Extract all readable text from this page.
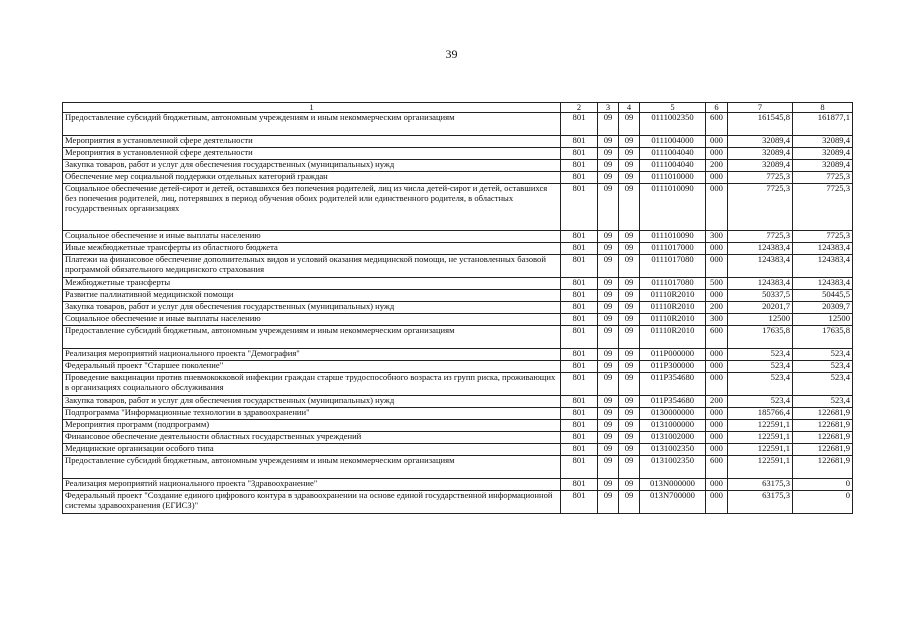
39
1	2	3	4	5	6	7	8
Предоставление субсидий бюджетным, автономным учреждениям и иным некоммерческим организациям	801	09	09	0111002350	600	161545,8	161877,1
Мероприятия в установленной сфере деятельности	801	09	09	0111004000	000	32089,4	32089,4
Мероприятия в установленной сфере деятельности	801	09	09	0111004040	000	32089,4	32089,4
Закупка товаров, работ и услуг для обеспечения государственных (муниципальных) нужд	801	09	09	0111004040	200	32089,4	32089,4
Обеспечение мер социальной поддержки отдельных категорий граждан	801	09	09	0111010000	000	7725,3	7725,3
Социальное обеспечение детей-сирот и детей, оставшихся без попечения родителей, лиц из числа детей-сирот и детей, оставшихся без попечения родителей, лиц, потерявших в период обучения обоих родителей или единственного родителя, в областных государственных организациях	801	09	09	0111010090	000	7725,3	7725,3
Социальное обеспечение и иные выплаты населению	801	09	09	0111010090	300	7725,3	7725,3
Иные межбюджетные трансферты из областного бюджета	801	09	09	0111017000	000	124383,4	124383,4
Платежи на финансовое обеспечение дополнительных видов и условий оказания медицинской помощи, не установленных базовой программой обязательного медицинского страхования	801	09	09	0111017080	000	124383,4	124383,4
Межбюджетные трансферты	801	09	09	0111017080	500	124383,4	124383,4
Развитие паллиативной медицинской помощи	801	09	09	01110R2010	000	50337,5	50445,5
Закупка товаров, работ и услуг для обеспечения государственных (муниципальных) нужд	801	09	09	01110R2010	200	20201,7	20309,7
Социальное обеспечение и иные выплаты населению	801	09	09	01110R2010	300	12500	12500
Предоставление субсидий бюджетным, автономным учреждениям и иным некоммерческим организациям	801	09	09	01110R2010	600	17635,8	17635,8
Реализация мероприятий национального проекта "Демография"	801	09	09	011P000000	000	523,4	523,4
Федеральный проект "Старшее поколение"	801	09	09	011P300000	000	523,4	523,4
Проведение вакцинации против пневмококковой инфекции граждан старше трудоспособного возраста из групп риска, проживающих в организациях социального обслуживания	801	09	09	011P354680	000	523,4	523,4
Закупка товаров, работ и услуг для обеспечения государственных (муниципальных) нужд	801	09	09	011P354680	200	523,4	523,4
Подпрограмма "Информационные технологии в здравоохранении"	801	09	09	0130000000	000	185766,4	122681,9
Мероприятия программ (подпрограмм)	801	09	09	0131000000	000	122591,1	122681,9
Финансовое обеспечение деятельности областных государственных учреждений	801	09	09	0131002000	000	122591,1	122681,9
Медицинские организации особого типа	801	09	09	0131002350	000	122591,1	122681,9
Предоставление субсидий бюджетным, автономным учреждениям и иным некоммерческим организациям	801	09	09	0131002350	600	122591,1	122681,9
Реализация мероприятий национального проекта "Здравоохранение"	801	09	09	013N000000	000	63175,3	0
Федеральный проект "Создание единого цифрового контура в здравоохранении на основе единой государственной информационной системы здравоохранения (ЕГИСЗ)"	801	09	09	013N700000	000	63175,3	0
